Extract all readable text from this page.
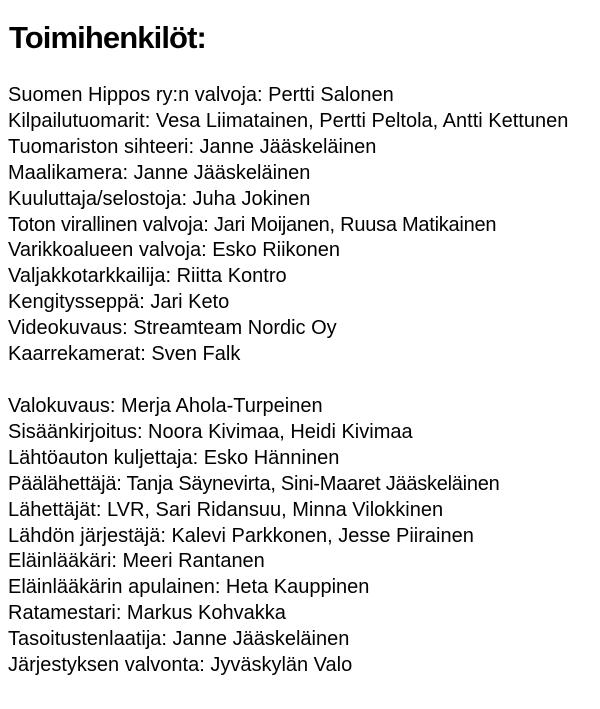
Toimihenkilöt:
Suomen Hippos ry:n valvoja: Pertti Salonen
Kilpailutuomarit: Vesa Liimatainen, Pertti Peltola, Antti Kettunen
Tuomariston sihteeri: Janne Jääskeläinen
Maalikamera: Janne Jääskeläinen
Kuuluttaja/selostoja: Juha Jokinen
Toton virallinen valvoja: Jari Moijanen, Ruusa Matikainen
Varikkoalueen valvoja: Esko Riikonen
Valjakkotarkkailija: Riitta Kontro
Kengitysseppä: Jari Keto
Videokuvaus: Streamteam Nordic Oy
Kaarrekamerat: Sven Falk
Valokuvaus: Merja Ahola-Turpeinen
Sisäänkirjoitus: Noora Kivimaa, Heidi Kivimaa
Lähtöauton kuljettaja: Esko Hänninen
Päälähettäjä: Tanja Säynevirta, Sini-Maaret Jääskeläinen
Lähettäjät: LVR, Sari Ridansuu, Minna Vilokkinen
Lähdön järjestäjä: Kalevi Parkkonen, Jesse Piirainen
Eläinlääkäri: Meeri Rantanen
Eläinlääkärin apulainen: Heta Kauppinen
Ratamestari: Markus Kohvakka
Tasoitustenlaatija: Janne Jääskeläinen
Järjestyksen valvonta: Jyväskylän Valo
